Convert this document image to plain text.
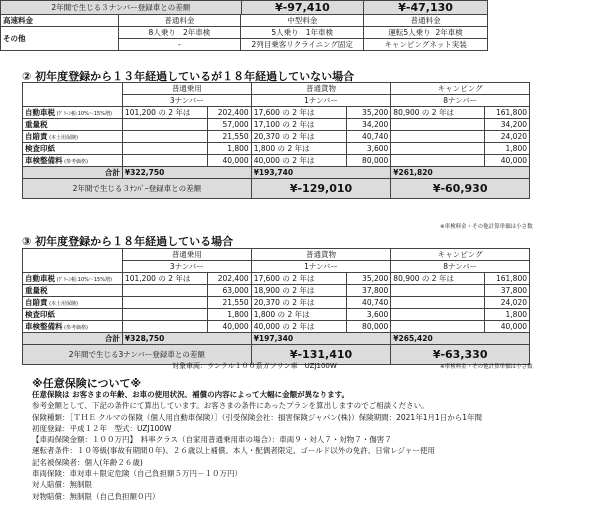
2年間で生じる３ナンバー登録車との差額	¥-97,410	¥-47,130
高速料金	普通料金	中型料金	普通料金
その他	8人乗り 2年車検	5人乗り 1年車検	運転5人乗り 2年車検
	-	2列目乗客リクライニング固定	キャンピングネット実装
② 初年度登録から１３年経過しているが１８年経過していない場合
	普通乗用		普通貨物		キャンピング	
	3ナンバー		1ナンバー		8ナンバー	
自動車税 (ｸﾞﾘｰﾝ税:10%～15%増)	101,200 の 2 年は	202,400	17,600 の 2 年は	35,200	80,900 の 2 年は	161,800
重量税		57,000	17,100 の 2 年は	34,200		34,200
自賠責 (本土用保険)		21,550	20,370 の 2 年は	40,740		24,020
検査印紙		1,800	1,800 の 2 年は	3,600		1,800
車検整備料 (参考価格)		40,000	40,000 の 2 年は	80,000		40,000
合計	¥322,750		¥193,740		¥261,820	
2年間で生じる３ﾅﾝﾊﾞｰ登録車との差額			¥-129,010		¥-60,930	
※車検料金・その他計算単価は小さ数
③ 初年度登録から１８年経過している場合
	普通乗用		普通貨物		キャンピング	
	3ナンバー		1ナンバー		8ナンバー	
自動車税 (ｸﾞﾘｰﾝ税:10%～15%増)	101,200 の 2 年は	202,400	17,600 の 2 年は	35,200	80,900 の 2 年は	161,800
重量税		63,000	18,900 の 2 年は	37,800		37,800
自賠責 (本土用保険)		21,550	20,370 の 2 年は	40,740		24,020
検査印紙		1,800	1,800 の 2 年は	3,600		1,800
車検整備料 (参考価格)		40,000	40,000 の 2 年は	80,000		40,000
合計	¥328,750		¥197,340		¥265,420	
2年間で生じる3ナンバー登録車との差額			¥-131,410		¥-63,330	
対象車両：ランクル１００系ガソリン車　UZJ100W	※車検料金・その他計算単価は小さ数
※任意保険について※
任意保険は お客さまの年齢、お車の使用状況、補償の内容によって大幅に金額が異なります。
参考金額として、下記の条件にて算出しています。お客さまの条件にあったプランを算出しますのでご相談ください。
保険種類：［ＴＨＥ クルマの保険（個人用自動車保険）］（引受保険会社：損害保険ジャパン(株)）保険期間：2021年1月1日から1年間
初度登録：平成１２年　型式：UZJ100W
【車両保険金額：１００万円】　料率クラス（自家用普通乗用車の場合）：車両９・対人７・対物７・傷害７
運転者条件：１０等級(事故有期間０年)、２６歳以上補償、本人・配偶者限定、ゴールド以外の免許、日常レジャー使用
記名被保険者：個人(年齢２６歳)
車両保険：車対車＋限定危険（自己負担額５万円－１０万円）
対人賠償：無制限
対物賠償：無制限（自己負担額０円）
